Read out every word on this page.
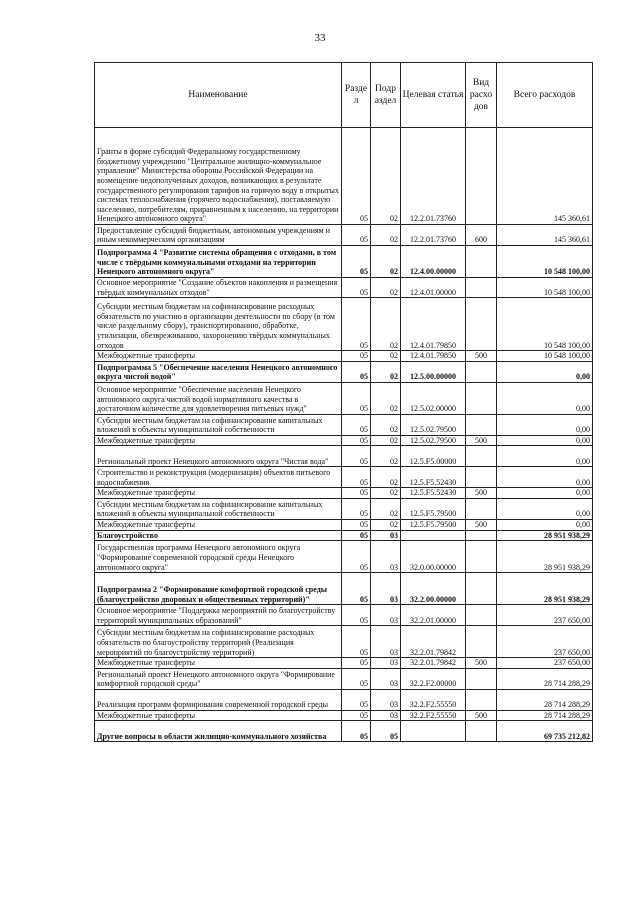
33
Наименование	Разде л	Подр аздел	Целевая статья	Вид расхо дов	Всего расходов
Гранты в форме субсидий Федеральному государственному бюджетному учреждению "Центральное жилищно-коммунальное управление" Министерства обороны Российской Федерации на возмещение недополученных доходов, возникающих в результате государственного регулирования тарифов на горячую воду в открытых системах теплоснабжения (горячего водоснабжения), поставляемую населению, потребителям, приравненным к населению, на территории Ненецкого автономного округа"	05	02	12.2.01.73760		145 360,61
Предоставление субсидий бюджетным, автономным учреждениям и иным некоммерческим организациям	05	02	12.2.01.73760	600	145 360,61
Подпрограмма 4 "Развитие системы обращения с отходами, в том числе с твёрдыми коммунальными отходами на территории Ненецкого автономного округа"	05	02	12.4.00.00000		10 548 100,00
Основное мероприятие "Создание объектов накопления и размещения твёрдых коммунальных отходов"	05	02	12.4.01.00000		10 548 100,00
Субсидии местным бюджетам на софинансирование расходных обязательств по участию в организации деятельности по сбору (в том числе раздельному сбору), транспортированию, обработке, утилизации, обезвреживанию, захоронению твёрдых коммунальных отходов	05	02	12.4.01.79850		10 548 100,00
Межбюджетные трансферты	05	02	12.4.01.79850	500	10 548 100,00
Подпрограмма 5 "Обеспечение населения Ненецкого автономного округа чистой водой"	05	02	12.5.00.00000		0,00
Основное мероприятие "Обеспечение населения Ненецкого автономного округа чистой водой нормативного качества в достаточном количестве для удовлетворения питьевых нужд"	05	02	12.5.02.00000		0,00
Субсидии местным бюджетам на софинансирование капитальных вложений в объекты муниципальной собственности	05	02	12.5.02.79500		0,00
Межбюджетные трансферты	05	02	12.5.02.79500	500	0,00
Региональный проект Ненецкого автономного округа "Чистая вода"	05	02	12.5.F5.00000		0,00
Строительство и реконструкция (модернизация) объектов питьевого водоснабжения	05	02	12.5.F5.52430		0,00
Межбюджетные трансферты	05	02	12.5.F5.52430	500	0,00
Субсидии местным бюджетам на софинансирование капитальных вложений в объекты муниципальной собственности	05	02	12.5.F5.79500		0,00
Межбюджетные трансферты	05	02	12.5.F5.79500	500	0,00
Благоустройство	05	03			28 951 938,29
Государственная программа Ненецкого автономного округа "Формирование современной городской среды Ненецкого автономного округа"	05	03	32.0.00.00000		28 951 938,29
Подпрограмма 2 "Формирование комфортной городской среды (благоустройство дворовых и общественных территорий)"	05	03	32.2.00.00000		28 951 938,29
Основное мероприятие "Поддержка мероприятий по благоустройству территорий муниципальных образований"	05	03	32.2.01.00000		237 650,00
Субсидии местным бюджетам на софинансирование расходных обязательств по благоустройству территорий (Реализация мероприятий по благоустройству территорий)	05	03	32.2.01.79842		237 650,00
Межбюджетные трансферты	05	03	32.2.01.79842	500	237 650,00
Региональный проект Ненецкого автономного округа "Формирование комфортной городской среды"	05	03	32.2.F2.00000		28 714 288,29
Реализация программ формирования современной городской среды	05	03	32.2.F2.55550		28 714 288,29
Межбюджетные трансферты	05	03	32.2.F2.55550	500	28 714 288,29
Другие вопросы в области жилищно-коммунального хозяйства	05	05			69 735 212,82
